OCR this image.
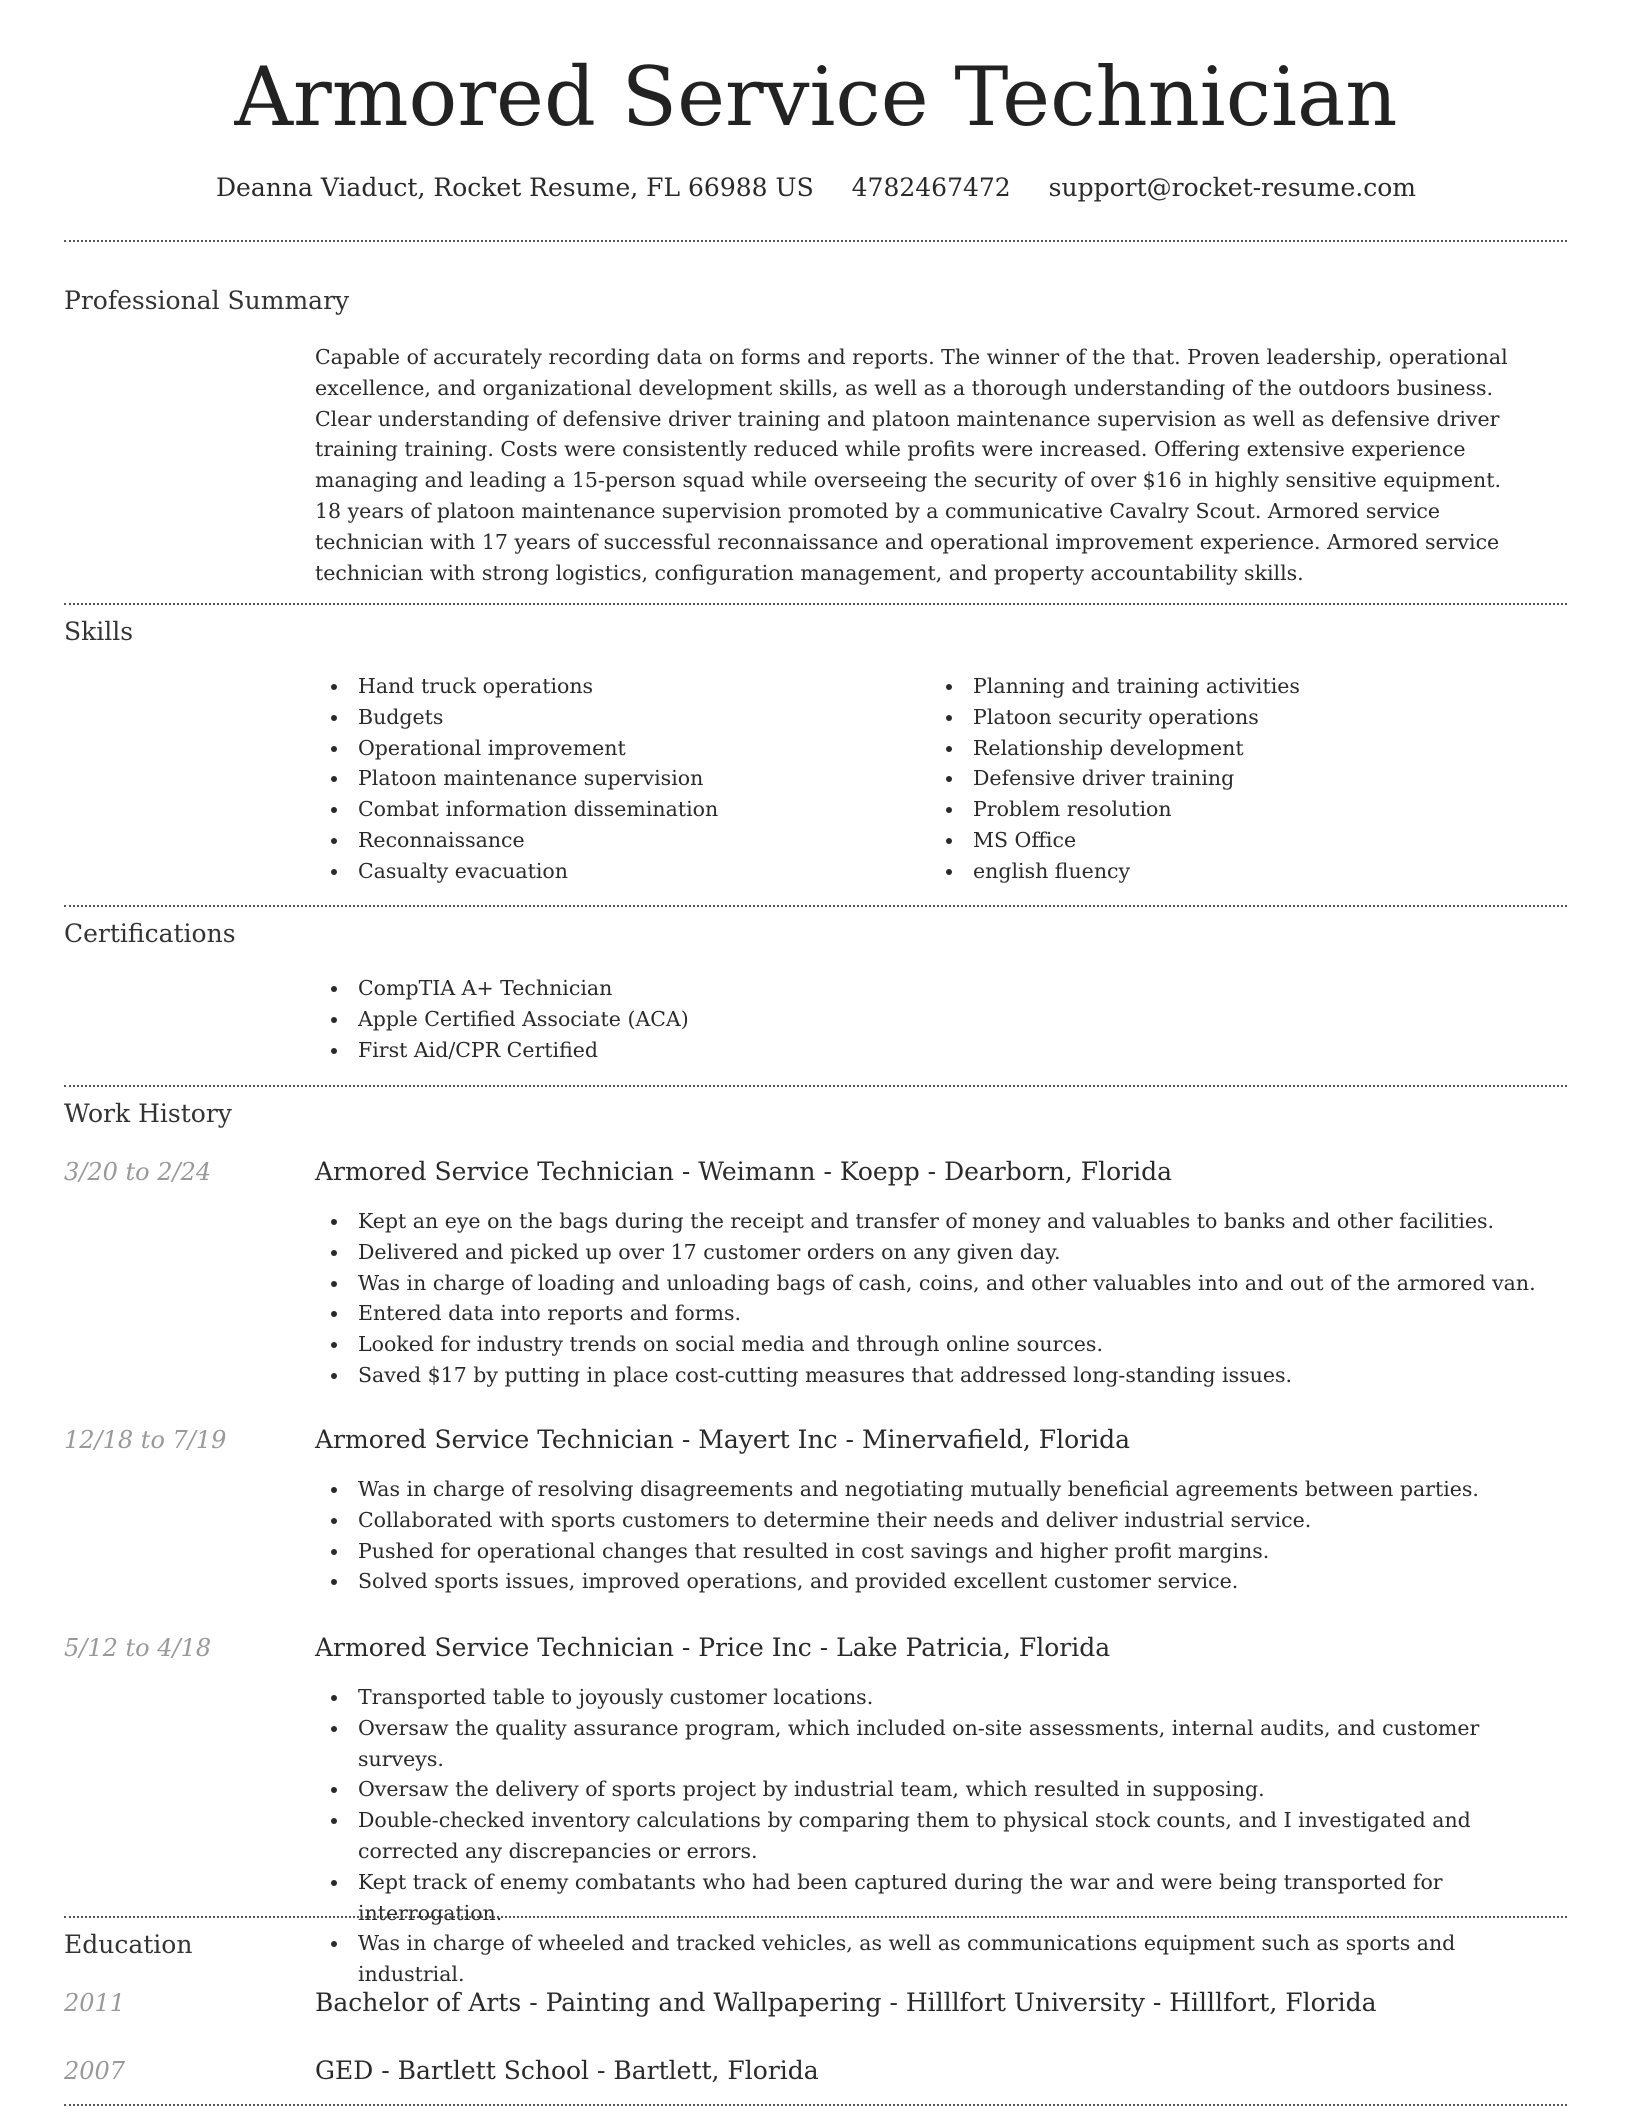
Armored Service Technician
Deanna Viaduct, Rocket Resume, FL 66988 US 4782467472 support@rocket-resume.com
Professional Summary

Capable of accurately recording data on forms and reports. The winner of the that. Proven leadership, operational excellence, and organizational development skills, as well as a thorough understanding of the outdoors business. Clear understanding of defensive driver training and platoon maintenance supervision as well as defensive driver training training. Costs were consistently reduced while profits were increased. Offering extensive experience managing and leading a 15-person squad while overseeing the security of over $16 in highly sensitive equipment. 18 years of platoon maintenance supervision promoted by a communicative Cavalry Scout. Armored service technician with 17 years of successful reconnaissance and operational improvement experience. Armored service technician with strong logistics, configuration management, and property accountability skills.

Skills
Hand truck operations
Budgets
Operational improvement
Platoon maintenance supervision
Combat information dissemination
Reconnaissance
Casualty evacuation
Planning and training activities
Platoon security operations
Relationship development
Defensive driver training
Problem resolution
MS Office
english fluency
Certifications
CompTIA A+ Technician
Apple Certified Associate (ACA)
First Aid/CPR Certified
Work History
3/20 to 2/24	Armored Service Technician - Weimann - Koepp - Dearborn, Florida
Kept an eye on the bags during the receipt and transfer of money and valuables to banks and other facilities.
Delivered and picked up over 17 customer orders on any given day.
Was in charge of loading and unloading bags of cash, coins, and other valuables into and out of the armored van.
Entered data into reports and forms.
Looked for industry trends on social media and through online sources.
Saved $17 by putting in place cost-cutting measures that addressed long-standing issues.
12/18 to 7/19	Armored Service Technician - Mayert Inc - Minervafield, Florida
Was in charge of resolving disagreements and negotiating mutually beneficial agreements between parties.
Collaborated with sports customers to determine their needs and deliver industrial service.
Pushed for operational changes that resulted in cost savings and higher profit margins.
Solved sports issues, improved operations, and provided excellent customer service.
5/12 to 4/18	Armored Service Technician - Price Inc - Lake Patricia, Florida
Transported table to joyously customer locations.
Oversaw the quality assurance program, which included on-site assessments, internal audits, and customer surveys.
Oversaw the delivery of sports project by industrial team, which resulted in supposing.
Double-checked inventory calculations by comparing them to physical stock counts, and I investigated and corrected any discrepancies or errors.
Kept track of enemy combatants who had been captured during the war and were being transported for interrogation.
Was in charge of wheeled and tracked vehicles, as well as communications equipment such as sports and industrial.
Education
2011	Bachelor of Arts - Painting and Wallpapering - Hilllfort University - Hilllfort, Florida
2007	GED - Bartlett School - Bartlett, Florida
